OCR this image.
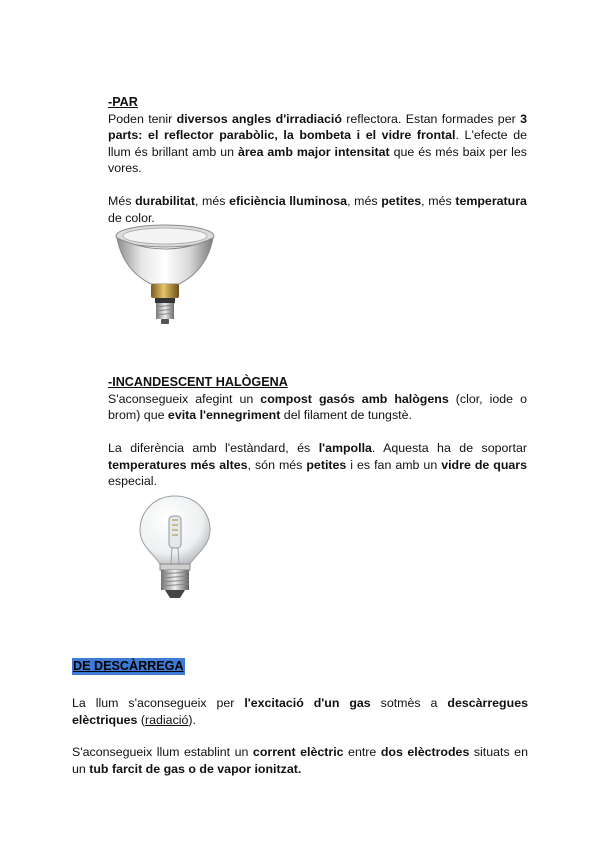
-PAR

Poden tenir diversos angles d'irradiació reflectora. Estan formades per 3 parts: el reflector parabòlic, la bombeta i el vidre frontal. L'efecte de llum és brillant amb un àrea amb major intensitat que és més baix per les vores.

Més durabilitat, més eficiència lluminosa, més petites, més temperatura de color.

-INCANDESCENT HALÒGENA

S'aconsegueix afegint un compost gasós amb halògens (clor, iode o brom) que evita l'ennegriment del filament de tungstè.

La diferència amb l'estàndard, és l'ampolla. Aquesta ha de soportar temperatures més altes, són més petites i es fan amb un vidre de quars especial.

DE DESCÀRREGA

La llum s'aconsegueix per l'excitació d'un gas sotmès a descàrregues elèctriques (radiació).

S'aconsegueix llum establint un corrent elèctric entre dos elèctrodes situats en un tub farcit de gas o de vapor ionitzat.
